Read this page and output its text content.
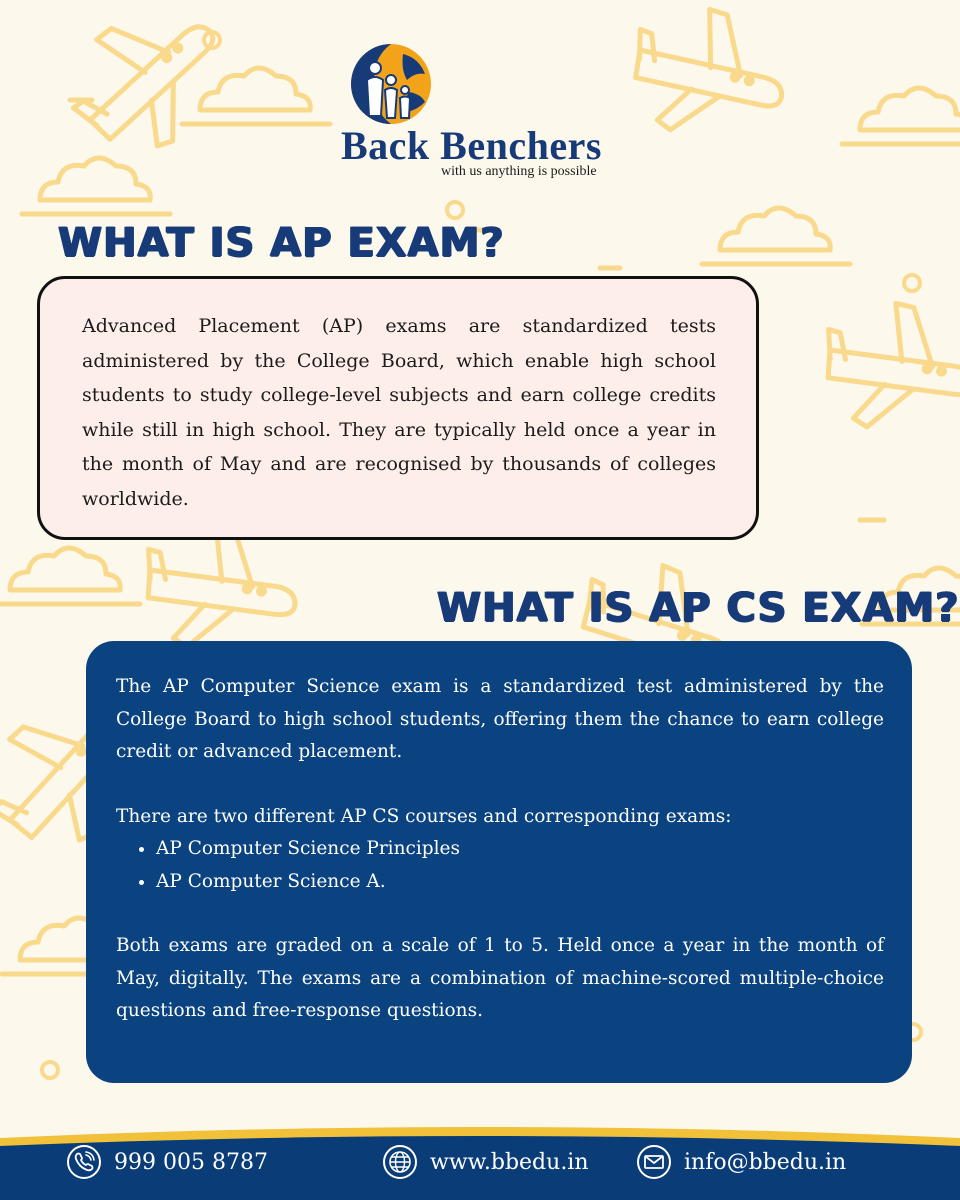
Back Benchers
with us anything is possible
WHAT IS AP EXAM?

Advanced Placement (AP) exams are standardized tests administered by the College Board, which enable high school students to study college-level subjects and earn college credits while still in high school. They are typically held once a year in the month of May and are recognised by thousands of colleges worldwide.

WHAT IS AP CS EXAM?

The AP Computer Science exam is a standardized test administered by the College Board to high school students, offering them the chance to earn college credit or advanced placement.

There are two different AP CS courses and corresponding exams:

• AP Computer Science Principles
• AP Computer Science A.

Both exams are graded on a scale of 1 to 5. Held once a year in the month of May, digitally. The exams are a combination of machine-scored multiple-choice questions and free-response questions.

999 005 8787	www.bbedu.in	info@bbedu.in
